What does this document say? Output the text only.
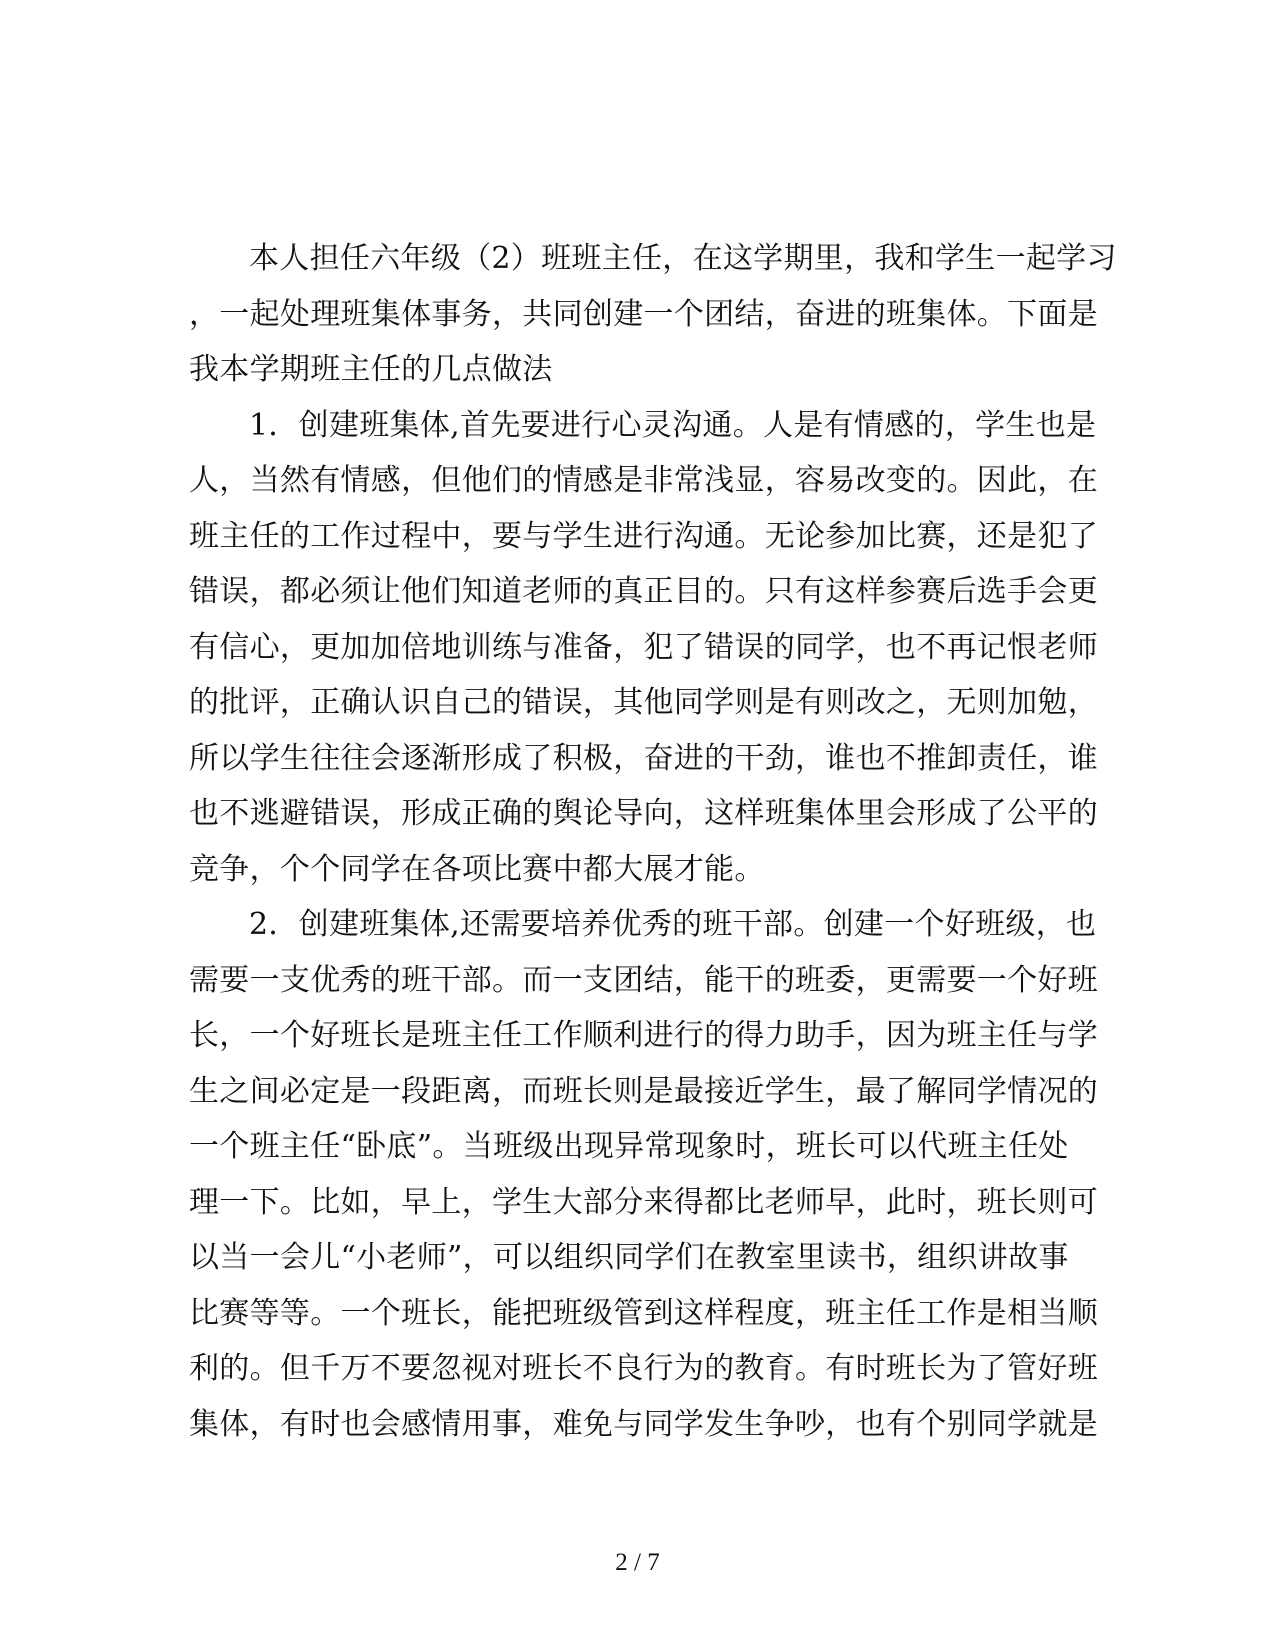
本人担任六年级（2）班班主任，在这学期里，我和学生一起学习
，一起处理班集体事务，共同创建一个团结，奋进的班集体。下面是
我本学期班主任的几点做法
1．创建班集体,首先要进行心灵沟通。人是有情感的，学生也是
人，当然有情感，但他们的情感是非常浅显，容易改变的。因此，在
班主任的工作过程中，要与学生进行沟通。无论参加比赛，还是犯了
错误，都必须让他们知道老师的真正目的。只有这样参赛后选手会更
有信心，更加加倍地训练与准备，犯了错误的同学，也不再记恨老师
的批评，正确认识自己的错误，其他同学则是有则改之，无则加勉，
所以学生往往会逐渐形成了积极，奋进的干劲，谁也不推卸责任，谁
也不逃避错误，形成正确的舆论导向，这样班集体里会形成了公平的
竞争，个个同学在各项比赛中都大展才能。
2．创建班集体,还需要培养优秀的班干部。创建一个好班级，也
需要一支优秀的班干部。而一支团结，能干的班委，更需要一个好班
长，一个好班长是班主任工作顺利进行的得力助手，因为班主任与学
生之间必定是一段距离，而班长则是最接近学生，最了解同学情况的
一个班主任“卧底”。当班级出现异常现象时，班长可以代班主任处
理一下。比如，早上，学生大部分来得都比老师早，此时，班长则可
以当一会儿“小老师”，可以组织同学们在教室里读书，组织讲故事
比赛等等。一个班长，能把班级管到这样程度，班主任工作是相当顺
利的。但千万不要忽视对班长不良行为的教育。有时班长为了管好班
集体，有时也会感情用事，难免与同学发生争吵，也有个别同学就是
2 / 7
